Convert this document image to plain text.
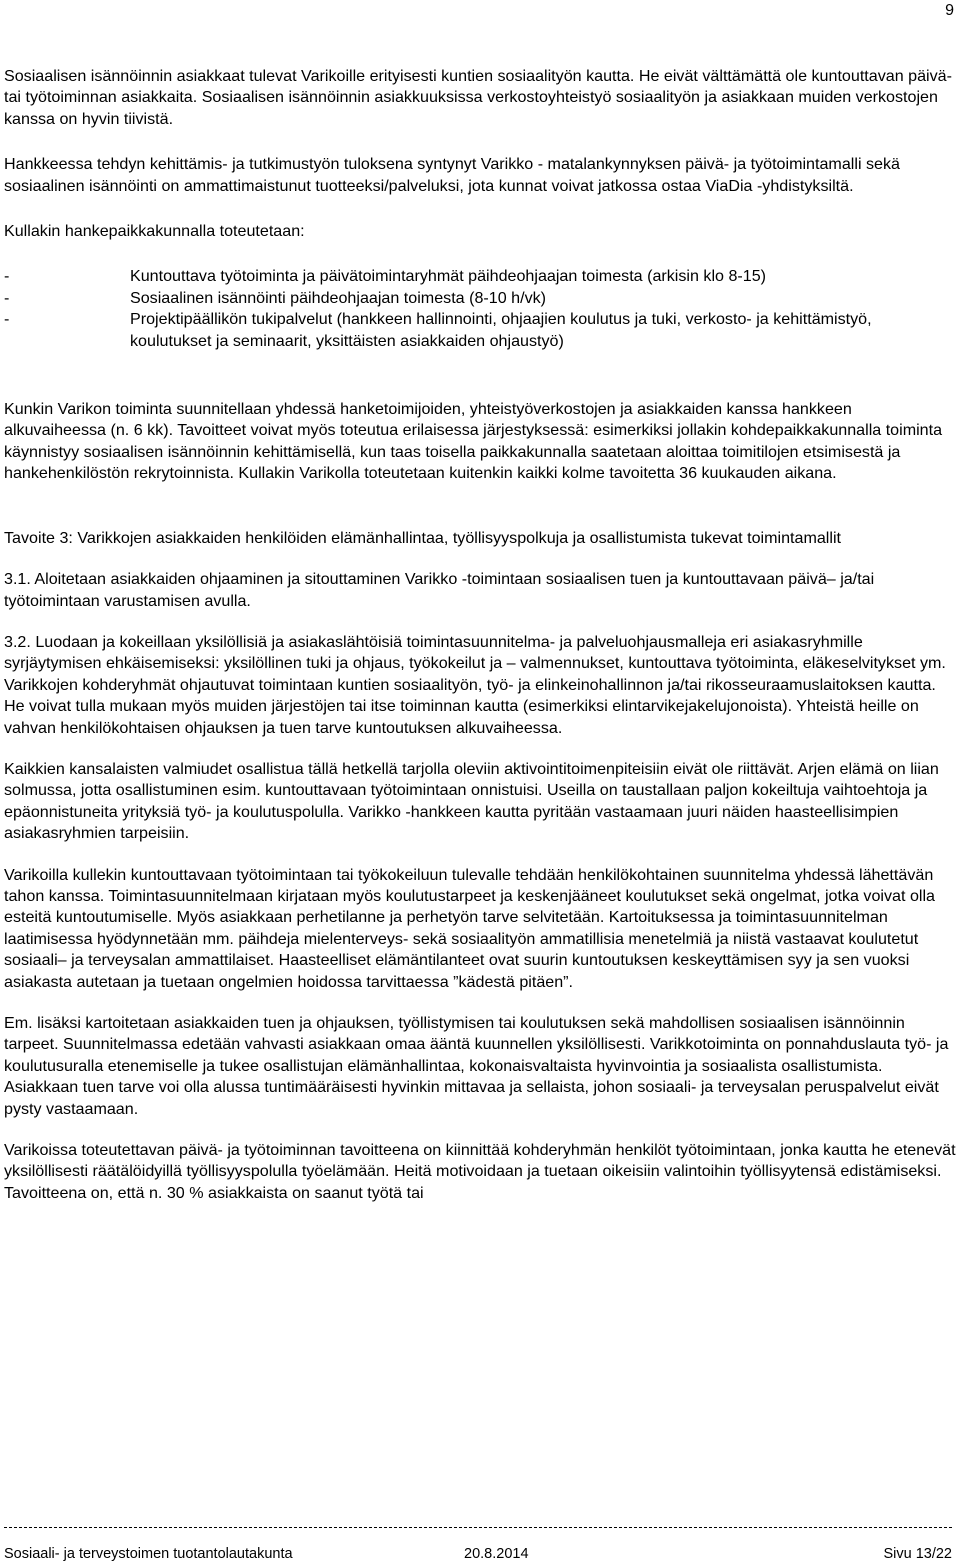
9

Sosiaalisen isännöinnin asiakkaat tulevat Varikoille erityisesti kuntien sosiaalityön kautta. He eivät välttämättä ole kuntouttavan päivä- tai työtoiminnan asiakkaita. Sosiaalisen isännöinnin asiakkuuksissa verkostoyhteistyö sosiaalityön ja asiakkaan muiden verkostojen kanssa on hyvin tiivistä.

Hankkeessa tehdyn kehittämis- ja tutkimustyön tuloksena syntynyt Varikko - matalankynnyksen päivä- ja työtoimintamalli sekä sosiaalinen isännöinti on ammattimaistunut tuotteeksi/palveluksi, jota kunnat voivat jatkossa ostaa ViaDia -yhdistyksiltä.

Kullakin hankepaikkakunnalla toteutetaan:

-	Kuntouttava työtoiminta ja päivätoimintaryhmät päihdeohjaajan toimesta (arkisin klo 8-15)
-	Sosiaalinen isännöinti päihdeohjaajan toimesta (8-10 h/vk)
-	Projektipäällikön tukipalvelut (hankkeen hallinnointi, ohjaajien koulutus ja tuki, verkosto- ja kehittämistyö, koulutukset ja seminaarit, yksittäisten asiakkaiden ohjaustyö)

Kunkin Varikon toiminta suunnitellaan yhdessä hanketoimijoiden, yhteistyöverkostojen ja asiakkaiden kanssa hankkeen alkuvaiheessa (n. 6 kk). Tavoitteet voivat myös toteutua erilaisessa järjestyksessä: esimerkiksi jollakin kohdepaikkakunnalla toiminta käynnistyy sosiaalisen isännöinnin kehittämisellä, kun taas toisella paikkakunnalla saatetaan aloittaa toimitilojen etsimisestä ja hankehenkilöstön rekrytoinnista. Kullakin Varikolla toteutetaan kuitenkin kaikki kolme tavoitetta 36 kuukauden aikana.

Tavoite 3: Varikkojen asiakkaiden henkilöiden elämänhallintaa, työllisyyspolkuja ja osallistumista tukevat toimintamallit

3.1. Aloitetaan asiakkaiden ohjaaminen ja sitouttaminen Varikko -toimintaan sosiaalisen tuen ja kuntouttavaan päivä– ja/tai työtoimintaan varustamisen avulla.

3.2. Luodaan ja kokeillaan yksilöllisiä ja asiakaslähtöisiä toimintasuunnitelma- ja palveluohjausmalleja eri asiakasryhmille syrjäytymisen ehkäisemiseksi: yksilöllinen tuki ja ohjaus, työkokeilut ja – valmennukset, kuntouttava työtoiminta, eläkeselvitykset ym.

Varikkojen kohderyhmät ohjautuvat toimintaan kuntien sosiaalityön, työ- ja elinkeinohallinnon ja/tai rikosseuraamuslaitoksen kautta. He voivat tulla mukaan myös muiden järjestöjen tai itse toiminnan kautta (esimerkiksi elintarvikejakelujonoista). Yhteistä heille on vahvan henkilökohtaisen ohjauksen ja tuen tarve kuntoutuksen alkuvaiheessa.

Kaikkien kansalaisten valmiudet osallistua tällä hetkellä tarjolla oleviin aktivointitoimenpiteisiin eivät ole riittävät. Arjen elämä on liian solmussa, jotta osallistuminen esim. kuntouttavaan työtoimintaan onnistuisi. Useilla on taustallaan paljon kokeiltuja vaihtoehtoja ja epäonnistuneita yrityksiä työ- ja koulutuspolulla. Varikko -hankkeen kautta pyritään vastaamaan juuri näiden haasteellisimpien asiakasryhmien tarpeisiin.

Varikoilla kullekin kuntouttavaan työtoimintaan tai työkokeiluun tulevalle tehdään henkilökohtainen suunnitelma yhdessä lähettävän tahon kanssa. Toimintasuunnitelmaan kirjataan myös koulutustarpeet ja keskenjääneet koulutukset sekä ongelmat, jotka voivat olla esteitä kuntoutumiselle. Myös asiakkaan perhetilanne ja perhetyön tarve selvitetään. Kartoituksessa ja toimintasuunnitelman laatimisessa hyödynnetään mm. päihdeja mielenterveys- sekä sosiaalityön ammatillisia menetelmiä ja niistä vastaavat koulutetut sosiaali– ja terveysalan ammattilaiset. Haasteelliset elämäntilanteet ovat suurin kuntoutuksen keskeyttämisen syy ja sen vuoksi asiakasta autetaan ja tuetaan ongelmien hoidossa tarvittaessa ”kädestä pitäen”.

Em. lisäksi kartoitetaan asiakkaiden tuen ja ohjauksen, työllistymisen tai koulutuksen sekä mahdollisen sosiaalisen isännöinnin tarpeet. Suunnitelmassa edetään vahvasti asiakkaan omaa ääntä kuunnellen yksilöllisesti. Varikkotoiminta on ponnahduslauta työ- ja koulutusuralla etenemiselle ja tukee osallistujan elämänhallintaa, kokonaisvaltaista hyvinvointia ja sosiaalista osallistumista. Asiakkaan tuen tarve voi olla alussa tuntimääräisesti hyvinkin mittavaa ja sellaista, johon sosiaali- ja terveysalan peruspalvelut eivät pysty vastaamaan.

Varikoissa toteutettavan päivä- ja työtoiminnan tavoitteena on kiinnittää kohderyhmän henkilöt työtoimintaan, jonka kautta he etenevät yksilöllisesti räätälöidyillä työllisyyspolulla työelämään. Heitä motivoidaan ja tuetaan oikeisiin valintoihin työllisyytensä edistämiseksi. Tavoitteena on, että n. 30 % asiakkaista on saanut työtä tai

Sosiaali- ja terveystoimen tuotantolautakunta	20.8.2014	Sivu 13/22
